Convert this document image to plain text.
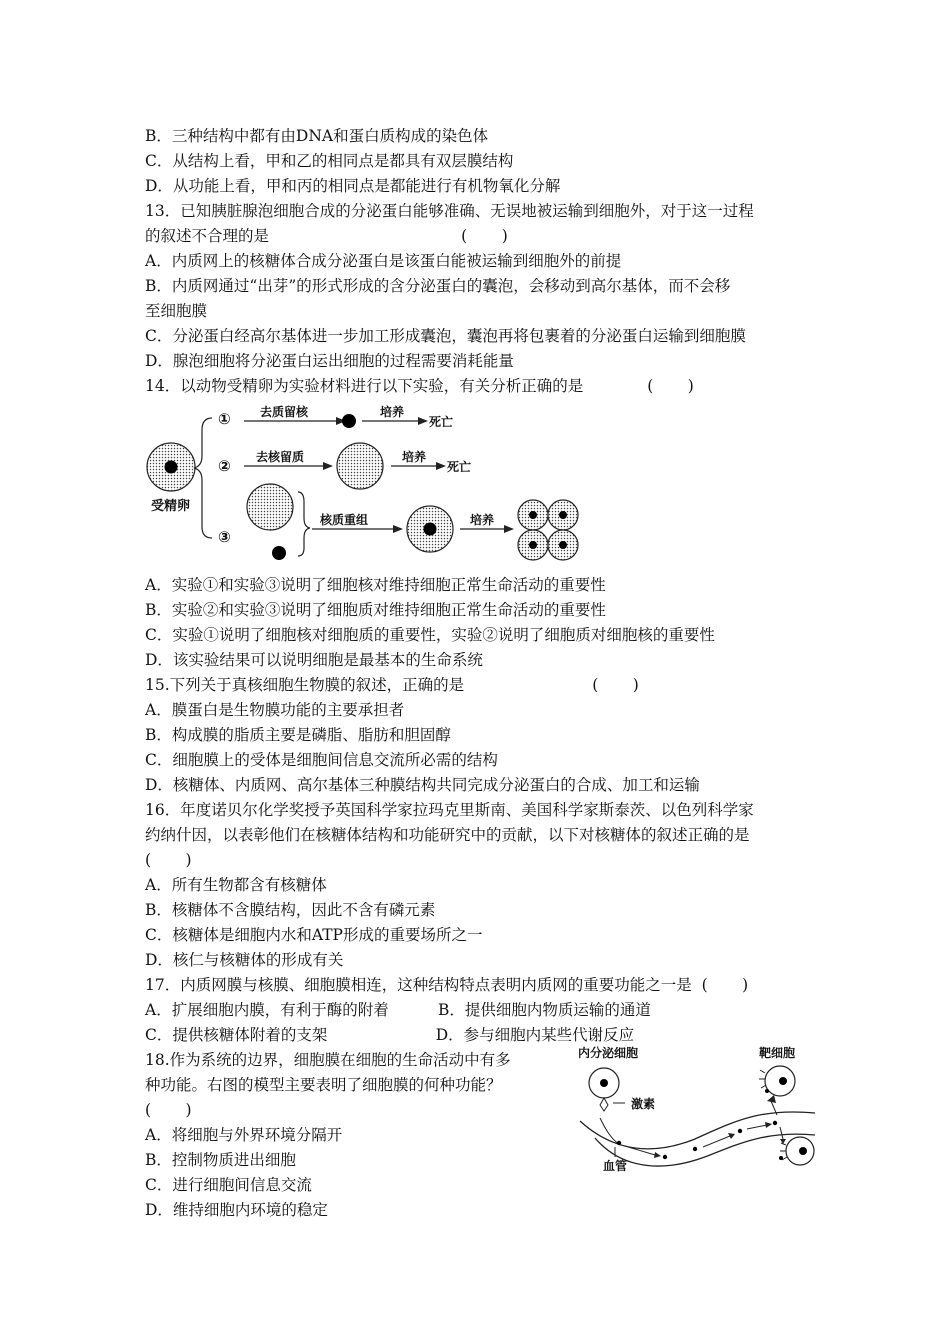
B．三种结构中都有由DNA和蛋白质构成的染色体
C．从结构上看，甲和乙的相同点是都具有双层膜结构
D．从功能上看，甲和丙的相同点是都能进行有机物氧化分解
13．已知胰脏腺泡细胞合成的分泌蛋白能够准确、无误地被运输到细胞外，对于这一过程
的叙述不合理的是                                       (       )
A．内质网上的核糖体合成分泌蛋白是该蛋白能被运输到细胞外的前提
B．内质网通过“出芽”的形式形成的含分泌蛋白的囊泡，会移动到高尔基体，而不会移
至细胞膜
C．分泌蛋白经高尔基体进一步加工形成囊泡，囊泡再将包裹着的分泌蛋白运输到细胞膜
D．腺泡细胞将分泌蛋白运出细胞的过程需要消耗能量
14．以动物受精卵为实验材料进行以下实验，有关分析正确的是             (       )
受精卵
① 去质留核	培养
死亡
② 去核留质	培养
死亡
③
核质重组	培养
A．实验①和实验③说明了细胞核对维持细胞正常生命活动的重要性
B．实验②和实验③说明了细胞质对维持细胞正常生命活动的重要性
C．实验①说明了细胞核对细胞质的重要性，实验②说明了细胞质对细胞核的重要性
D．该实验结果可以说明细胞是最基本的生命系统
15.下列关于真核细胞生物膜的叙述，正确的是                          (       )
A．膜蛋白是生物膜功能的主要承担者
B．构成膜的脂质主要是磷脂、脂肪和胆固醇
C．细胞膜上的受体是细胞间信息交流所必需的结构
D．核糖体、内质网、高尔基体三种膜结构共同完成分泌蛋白的合成、加工和运输
16．年度诺贝尔化学奖授予英国科学家拉玛克里斯南、美国科学家斯泰茨、以色列科学家
约纳什因，以表彰他们在核糖体结构和功能研究中的贡献，以下对核糖体的叙述正确的是
(       )
A．所有生物都含有核糖体
B．核糖体不含膜结构，因此不含有磷元素
C．核糖体是细胞内水和ATP形成的重要场所之一
D．核仁与核糖体的形成有关
17．内质网膜与核膜、细胞膜相连，这种结构特点表明内质网的重要功能之一是  (       )
A．扩展细胞内膜，有利于酶的附着          B．提供细胞内物质运输的通道
C．提供核糖体附着的支架                      D．参与细胞内某些代谢反应
18.作为系统的边界，细胞膜在细胞的生命活动中有多
种功能。右图的模型主要表明了细胞膜的何种功能？
(       )
A．将细胞与外界环境分隔开
B．控制物质进出细胞
C．进行细胞间信息交流
D．维持细胞内环境的稳定
内分泌细胞	靶细胞
激素
血管
